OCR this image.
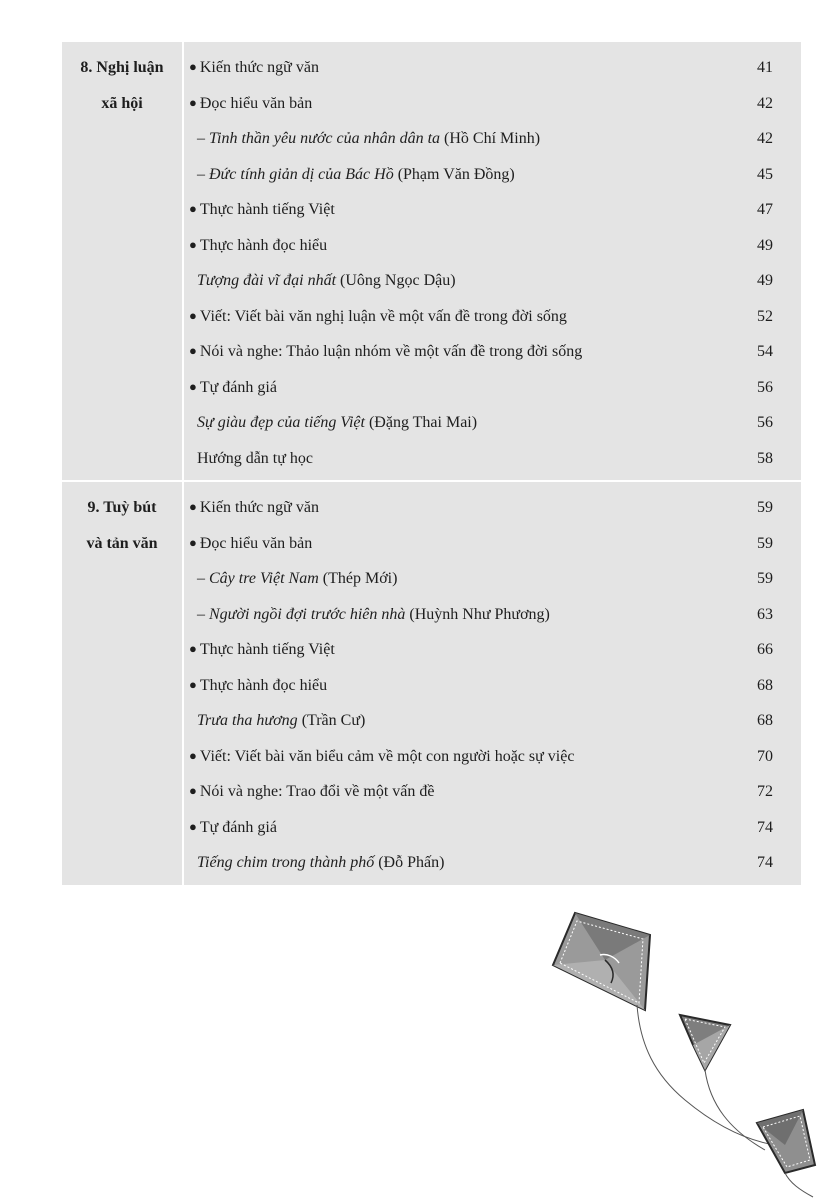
8. Nghị luận
xã hội
● Kiến thức ngữ văn	41
● Đọc hiểu văn bản	42
– Tinh thần yêu nước của nhân dân ta (Hồ Chí Minh)	42
– Đức tính giản dị của Bác Hồ (Phạm Văn Đồng)	45
● Thực hành tiếng Việt	47
● Thực hành đọc hiểu	49
Tượng đài vĩ đại nhất (Uông Ngọc Dậu)	49
● Viết: Viết bài văn nghị luận về một vấn đề trong đời sống	52
● Nói và nghe: Thảo luận nhóm về một vấn đề trong đời sống	54
● Tự đánh giá	56
Sự giàu đẹp của tiếng Việt (Đặng Thai Mai)	56
Hướng dẫn tự học	58
9. Tuỳ bút
và tản văn
● Kiến thức ngữ văn	59
● Đọc hiểu văn bản	59
– Cây tre Việt Nam (Thép Mới)	59
– Người ngồi đợi trước hiên nhà (Huỳnh Như Phương)	63
● Thực hành tiếng Việt	66
● Thực hành đọc hiểu	68
Trưa tha hương (Trần Cư)	68
● Viết: Viết bài văn biểu cảm về một con người hoặc sự việc	70
● Nói và nghe: Trao đổi về một vấn đề	72
● Tự đánh giá	74
Tiếng chim trong thành phố (Đỗ Phấn)	74
